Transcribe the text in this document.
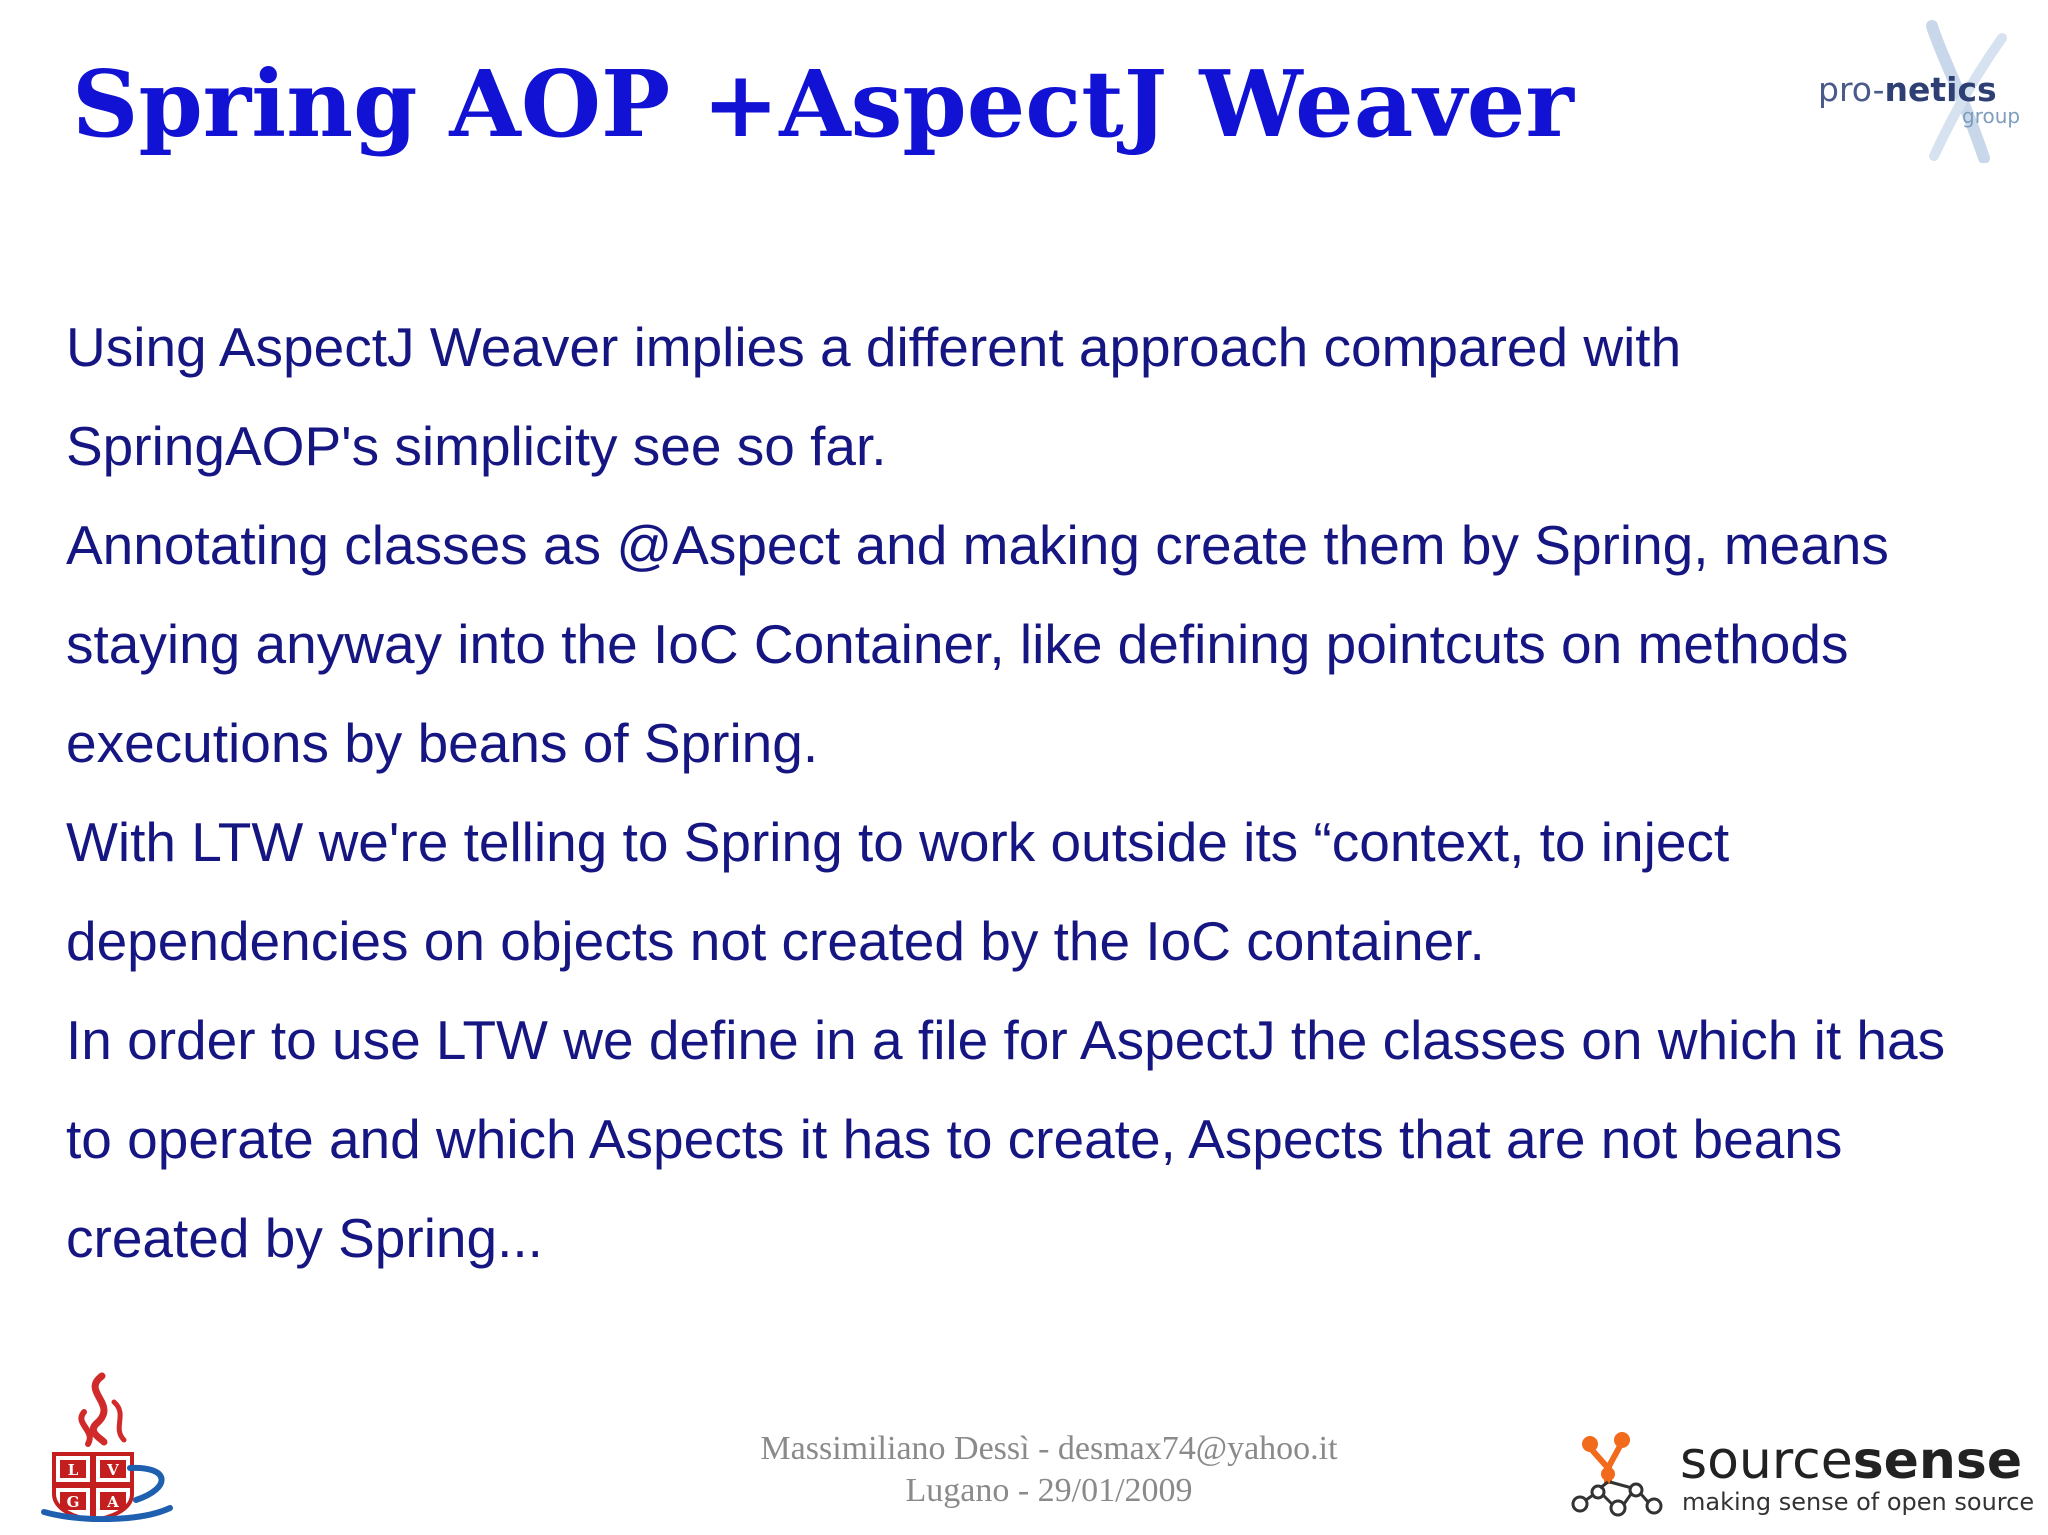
Spring AOP +AspectJ Weaver	pro-netics
group

Using AspectJ Weaver implies a different approach compared with SpringAOP's simplicity see so far.

Annotating classes as @Aspect and making create them by Spring, means staying anyway into the IoC Container, like defining pointcuts on methods executions by beans of Spring.

With LTW we're telling to Spring to work outside its “context, to inject dependencies on objects not created by the IoC container.

In order to use LTW we define in a file for AspectJ the classes on which it has to operate and which Aspects it has to create, Aspects that are not beans created by Spring...

L V
G A
Massimiliano Dessì - desmax74@yahoo.it
Lugano - 29/01/2009	sourcesense
making sense of open source
